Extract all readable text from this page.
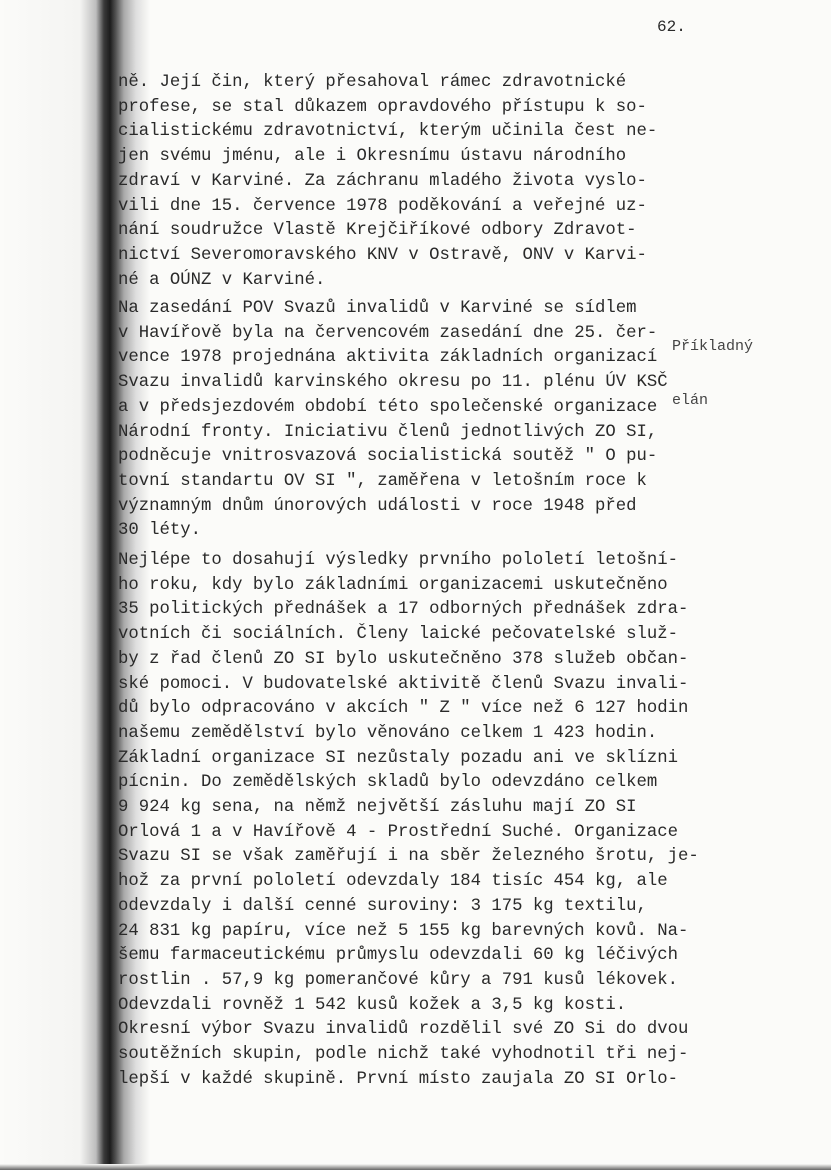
62.
ně. Její čin, který přesahoval rámec zdravotnické
profese, se stal důkazem opravdového přístupu k so-
cialistickému zdravotnictví, kterým učinila čest ne-
jen svému jménu, ale i Okresnímu ústavu národního
zdraví v Karviné. Za záchranu mladého života vyslo-
vili dne 15. července 1978 poděkování a veřejné uz-
nání soudružce Vlastě Krejčiříkové odbory Zdravot-
nictví Severomoravského KNV v Ostravě, ONV v Karvi-
né a OÚNZ v Karviné.
Na zasedání POV Svazů invalidů v Karviné se sídlem
v Havířově byla na červencovém zasedání dne 25. čer-
vence 1978 projednána aktivita základních organizací
Svazu invalidů karvinského okresu po 11. plénu ÚV KSČ
a v předsjezdovém období této společenské organizace
Národní fronty. Iniciativu členů jednotlivých ZO SI,
podněcuje vnitrosvazová socialistická soutěž " O pu-
tovní standartu OV SI ", zaměřena v letošním roce k
významným dnům únorových události v roce 1948 před
30 léty.
Nejlépe to dosahují výsledky prvního pololetí letošní-
ho roku, kdy bylo základními organizacemi uskutečněno
35 politických přednášek a 17 odborných přednášek zdra-
votních či sociálních. Členy laické pečovatelské služ-
by z řad členů ZO SI bylo uskutečněno 378 služeb občan-
ské pomoci. V budovatelské aktivitě členů Svazu invali-
dů bylo odpracováno v akcích " Z " více než 6 127 hodin
našemu zemědělství bylo věnováno celkem 1 423 hodin.
Základní organizace SI nezůstaly pozadu ani ve sklízni
pícnin. Do zemědělských skladů bylo odevzdáno celkem
9 924 kg sena, na němž největší zásluhu mají ZO SI
Orlová 1 a v Havířově 4 - Prostřední Suché. Organizace
Svazu SI se však zaměřují i na sběr železného šrotu, je-
hož za první pololetí odevzdaly 184 tisíc 454 kg, ale
odevzdaly i další cenné suroviny: 3 175 kg textilu,
24 831 kg papíru, více než 5 155 kg barevných kovů. Na-
šemu farmaceutickému průmyslu odevzdali 60 kg léčivých
rostlin . 57,9 kg pomerančové kůry a 791 kusů lékovek.
Odevzdali rovněž 1 542 kusů kožek a 3,5 kg kosti.
Okresní výbor Svazu invalidů rozdělil své ZO Si do dvou
soutěžních skupin, podle nichž také vyhodnotil tři nej-
lepší v každé skupině. První místo zaujala ZO SI Orlo-

Příkladný

elán
